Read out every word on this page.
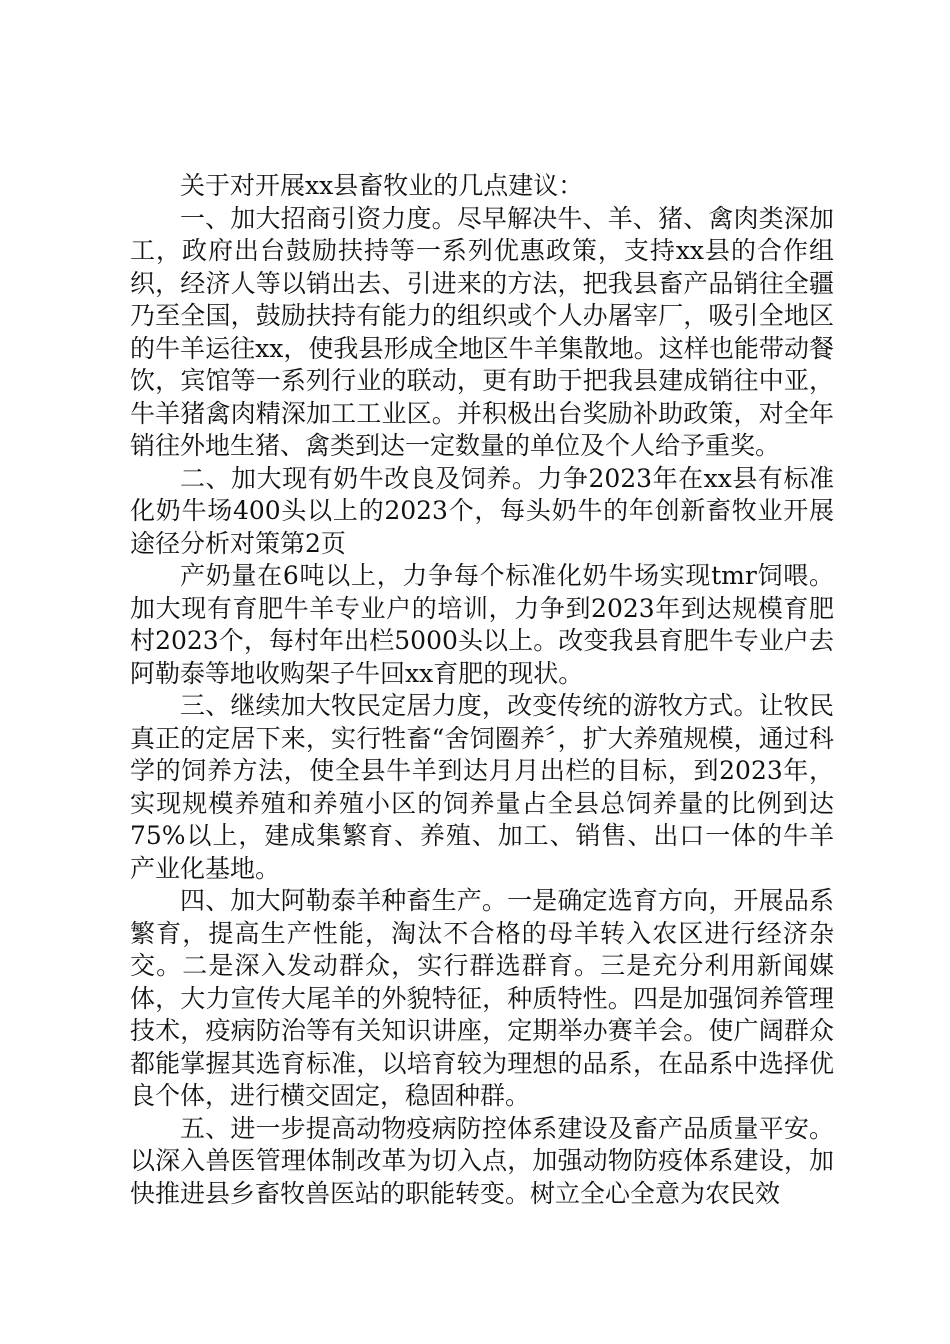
关于对开展xx县畜牧业的几点建议：

一、加大招商引资力度。尽早解决牛、羊、猪、禽肉类深加工，政府出台鼓励扶持等一系列优惠政策，支持xx县的合作组织，经济人等以销出去、引进来的方法，把我县畜产品销往全疆乃至全国，鼓励扶持有能力的组织或个人办屠宰厂，吸引全地区的牛羊运往xx，使我县形成全地区牛羊集散地。这样也能带动餐饮，宾馆等一系列行业的联动，更有助于把我县建成销往中亚，牛羊猪禽肉精深加工工业区。并积极出台奖励补助政策，对全年销往外地生猪、禽类到达一定数量的单位及个人给予重奖。

二、加大现有奶牛改良及饲养。力争2023年在xx县有标准化奶牛场400头以上的2023个，每头奶牛的年创新畜牧业开展途径分析对策第2页

产奶量在6吨以上，力争每个标准化奶牛场实现tmr饲喂。加大现有育肥牛羊专业户的培训，力争到2023年到达规模育肥村2023个，每村年出栏5000头以上。改变我县育肥牛专业户去阿勒泰等地收购架子牛回xx育肥的现状。

三、继续加大牧民定居力度，改变传统的游牧方式。让牧民真正的定居下来，实行牲畜“舍饲圈养〞，扩大养殖规模，通过科学的饲养方法，使全县牛羊到达月月出栏的目标，到2023年，实现规模养殖和养殖小区的饲养量占全县总饲养量的比例到达75%以上，建成集繁育、养殖、加工、销售、出口一体的牛羊产业化基地。

四、加大阿勒泰羊种畜生产。一是确定选育方向，开展品系繁育，提高生产性能，淘汰不合格的母羊转入农区进行经济杂交。二是深入发动群众，实行群选群育。三是充分利用新闻媒体，大力宣传大尾羊的外貌特征，种质特性。四是加强饲养管理技术，疫病防治等有关知识讲座，定期举办赛羊会。使广阔群众都能掌握其选育标准，以培育较为理想的品系，在品系中选择优良个体，进行横交固定，稳固种群。

五、进一步提高动物疫病防控体系建设及畜产品质量平安。以深入兽医管理体制改革为切入点，加强动物防疫体系建设，加快推进县乡畜牧兽医站的职能转变。树立全心全意为农民效
